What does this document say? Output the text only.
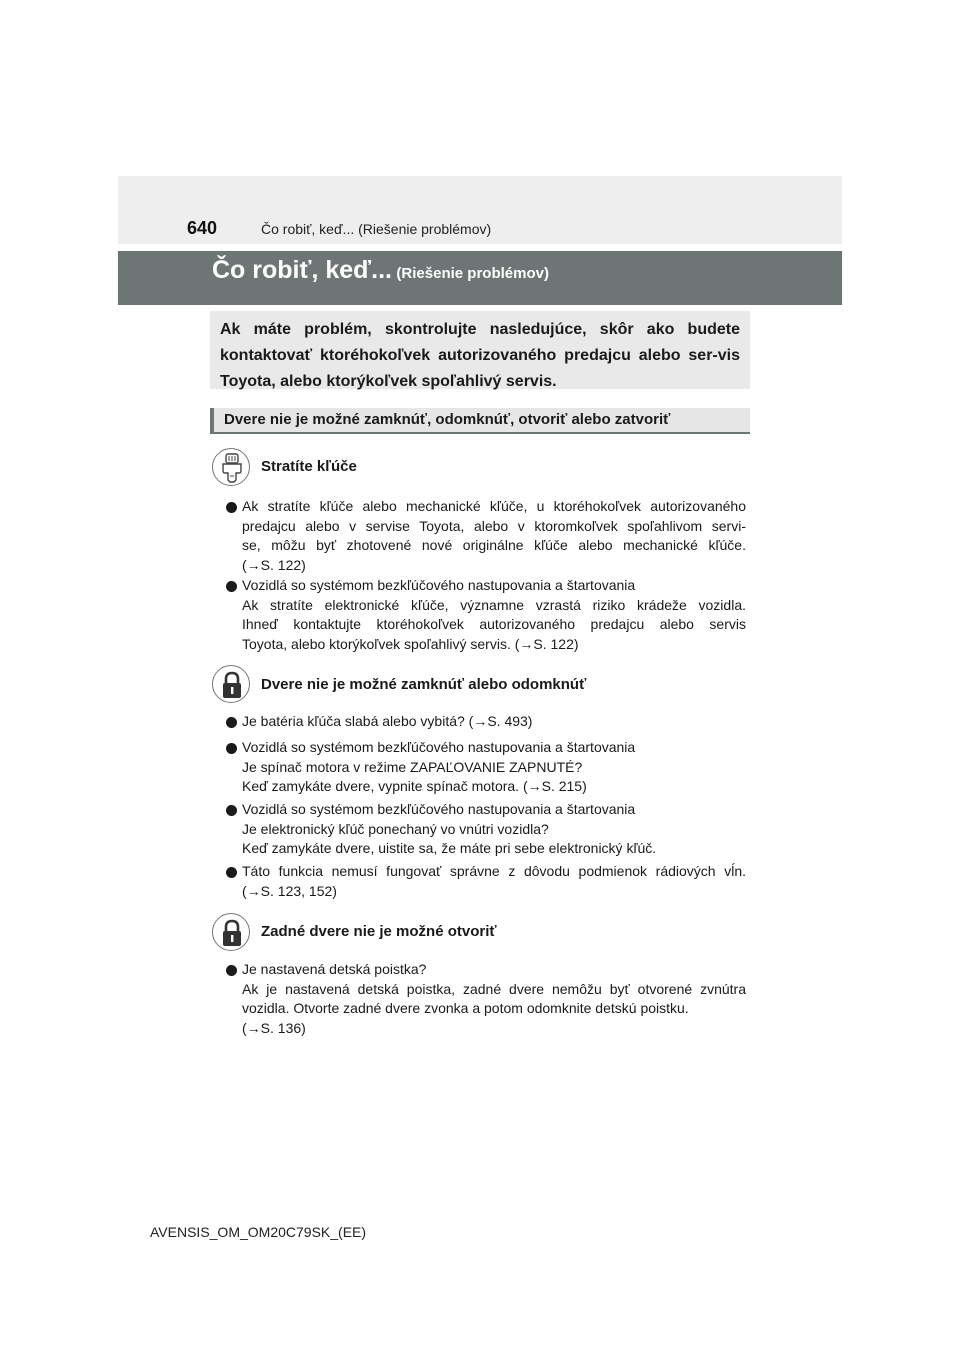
640	Čo robiť, keď... (Riešenie problémov)
Čo robiť, keď... (Riešenie problémov)
Ak máte problém, skontrolujte nasledujúce, skôr ako budete kontaktovať ktoréhokoľvek autorizovaného predajcu alebo ser-vis Toyota, alebo ktorýkoľvek spoľahlivý servis.
Dvere nie je možné zamknúť, odomknúť, otvoriť alebo zatvoriť
Stratíte kľúče
Ak stratíte kľúče alebo mechanické kľúče, u ktoréhokoľvek autorizovaného
predajcu alebo v servise Toyota, alebo v ktoromkoľvek spoľahlivom servi-
se, môžu byť zhotovené nové originálne kľúče alebo mechanické kľúče.
(→S. 122)
Vozidlá so systémom bezkľúčového nastupovania a štartovania
Ak stratíte elektronické kľúče, významne vzrastá riziko krádeže vozidla.
Ihneď kontaktujte ktoréhokoľvek autorizovaného predajcu alebo servis
Toyota, alebo ktorýkoľvek spoľahlivý servis. (→S. 122)
Dvere nie je možné zamknúť alebo odomknúť
Je batéria kľúča slabá alebo vybitá? (→S. 493)
Vozidlá so systémom bezkľúčového nastupovania a štartovania
Je spínač motora v režime ZAPAĽOVANIE ZAPNUTÉ?
Keď zamykáte dvere, vypnite spínač motora. (→S. 215)
Vozidlá so systémom bezkľúčového nastupovania a štartovania
Je elektronický kľúč ponechaný vo vnútri vozidla?
Keď zamykáte dvere, uistite sa, že máte pri sebe elektronický kľúč.
Táto funkcia nemusí fungovať správne z dôvodu podmienok rádiových vĺn.
(→S. 123, 152)
Zadné dvere nie je možné otvoriť
Je nastavená detská poistka?
Ak je nastavená detská poistka, zadné dvere nemôžu byť otvorené zvnútra
vozidla. Otvorte zadné dvere zvonka a potom odomknite detskú poistku.
(→S. 136)
AVENSIS_OM_OM20C79SK_(EE)
